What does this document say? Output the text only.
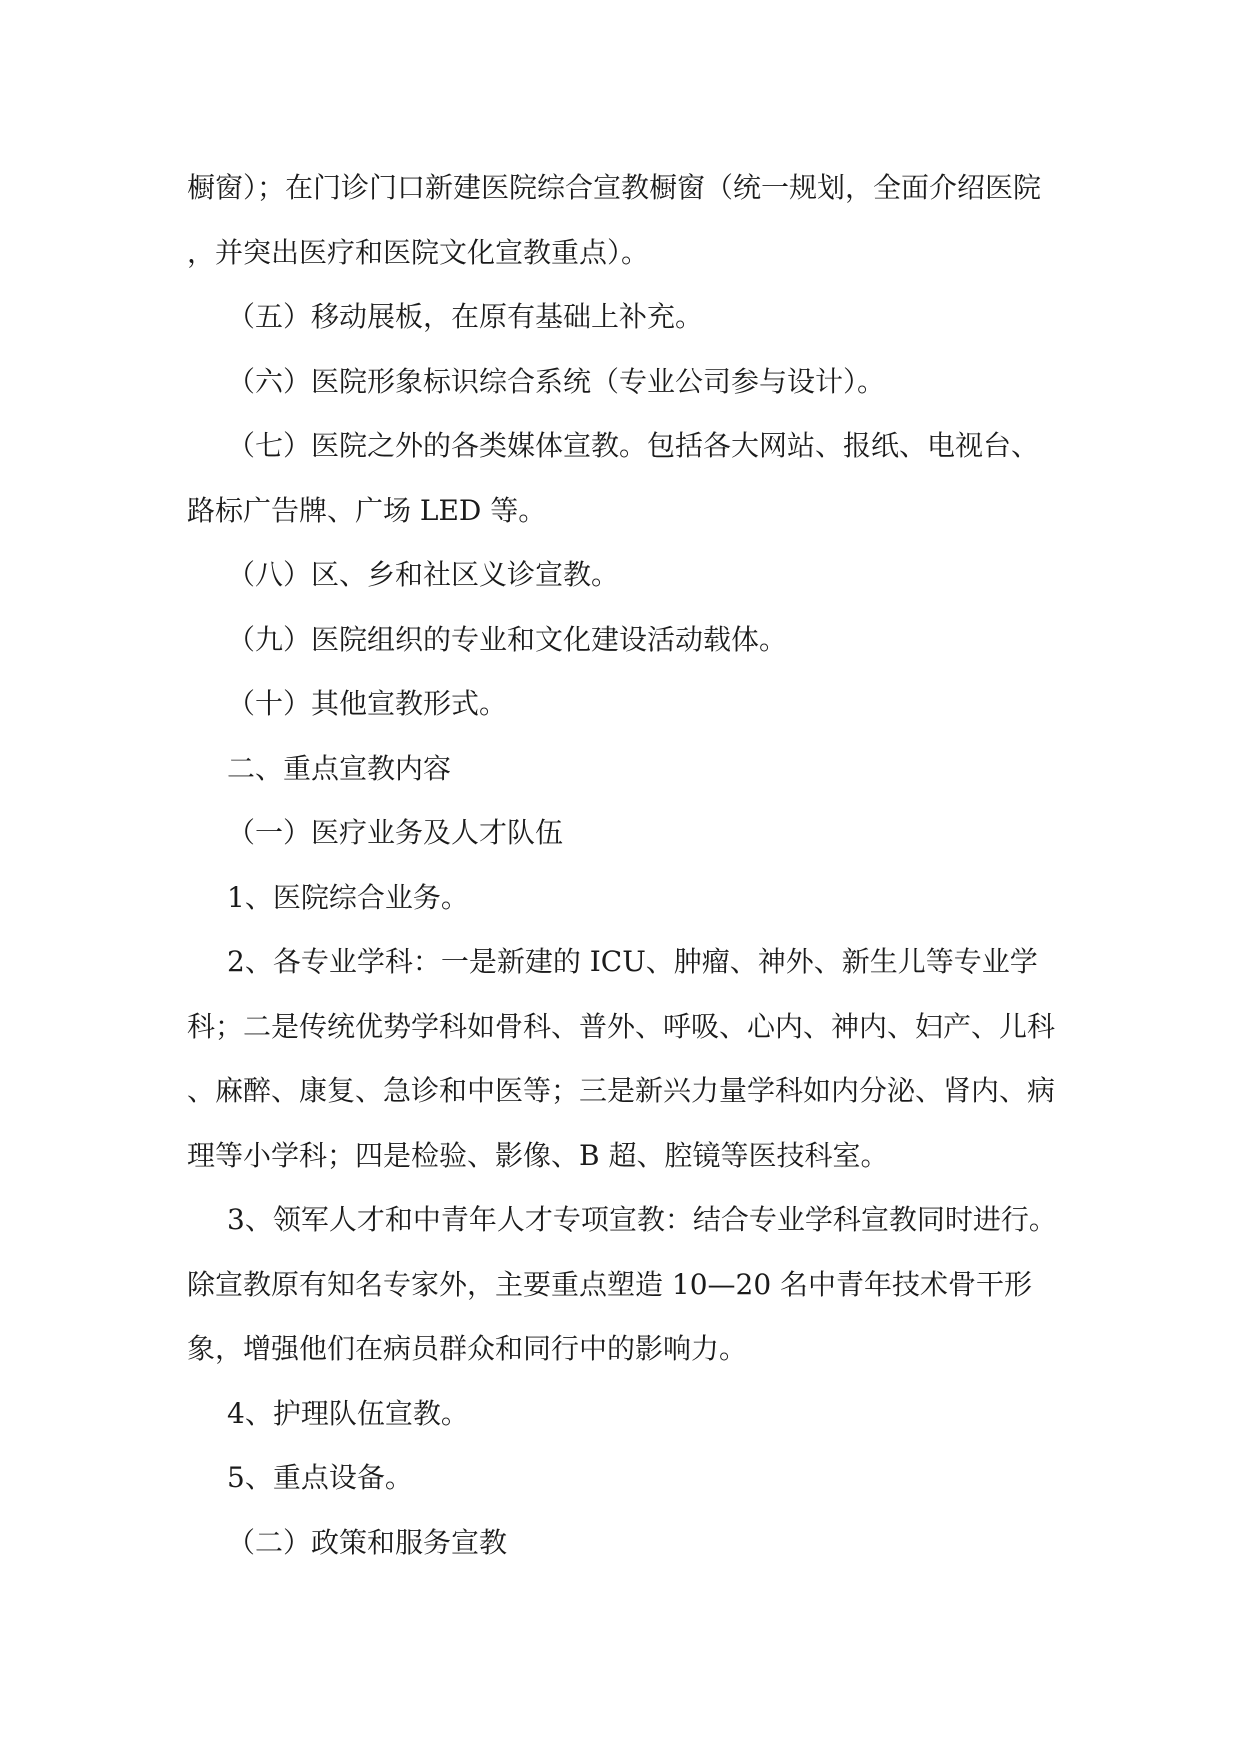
橱窗）；在门诊门口新建医院综合宣教橱窗（统一规划，全面介绍医院，并突出医疗和医院文化宣教重点）。

（五）移动展板，在原有基础上补充。

（六）医院形象标识综合系统（专业公司参与设计）。

（七）医院之外的各类媒体宣教。包括各大网站、报纸、电视台、路标广告牌、广场 LED 等。

（八）区、乡和社区义诊宣教。

（九）医院组织的专业和文化建设活动载体。

（十）其他宣教形式。

二、重点宣教内容

（一）医疗业务及人才队伍

1、医院综合业务。

2、各专业学科：一是新建的 ICU、肿瘤、神外、新生儿等专业学科；二是传统优势学科如骨科、普外、呼吸、心内、神内、妇产、儿科、麻醉、康复、急诊和中医等；三是新兴力量学科如内分泌、肾内、病理等小学科；四是检验、影像、B 超、腔镜等医技科室。

3、领军人才和中青年人才专项宣教：结合专业学科宣教同时进行。除宣教原有知名专家外，主要重点塑造 10—20 名中青年技术骨干形象，增强他们在病员群众和同行中的影响力。

4、护理队伍宣教。

5、重点设备。

（二）政策和服务宣教
